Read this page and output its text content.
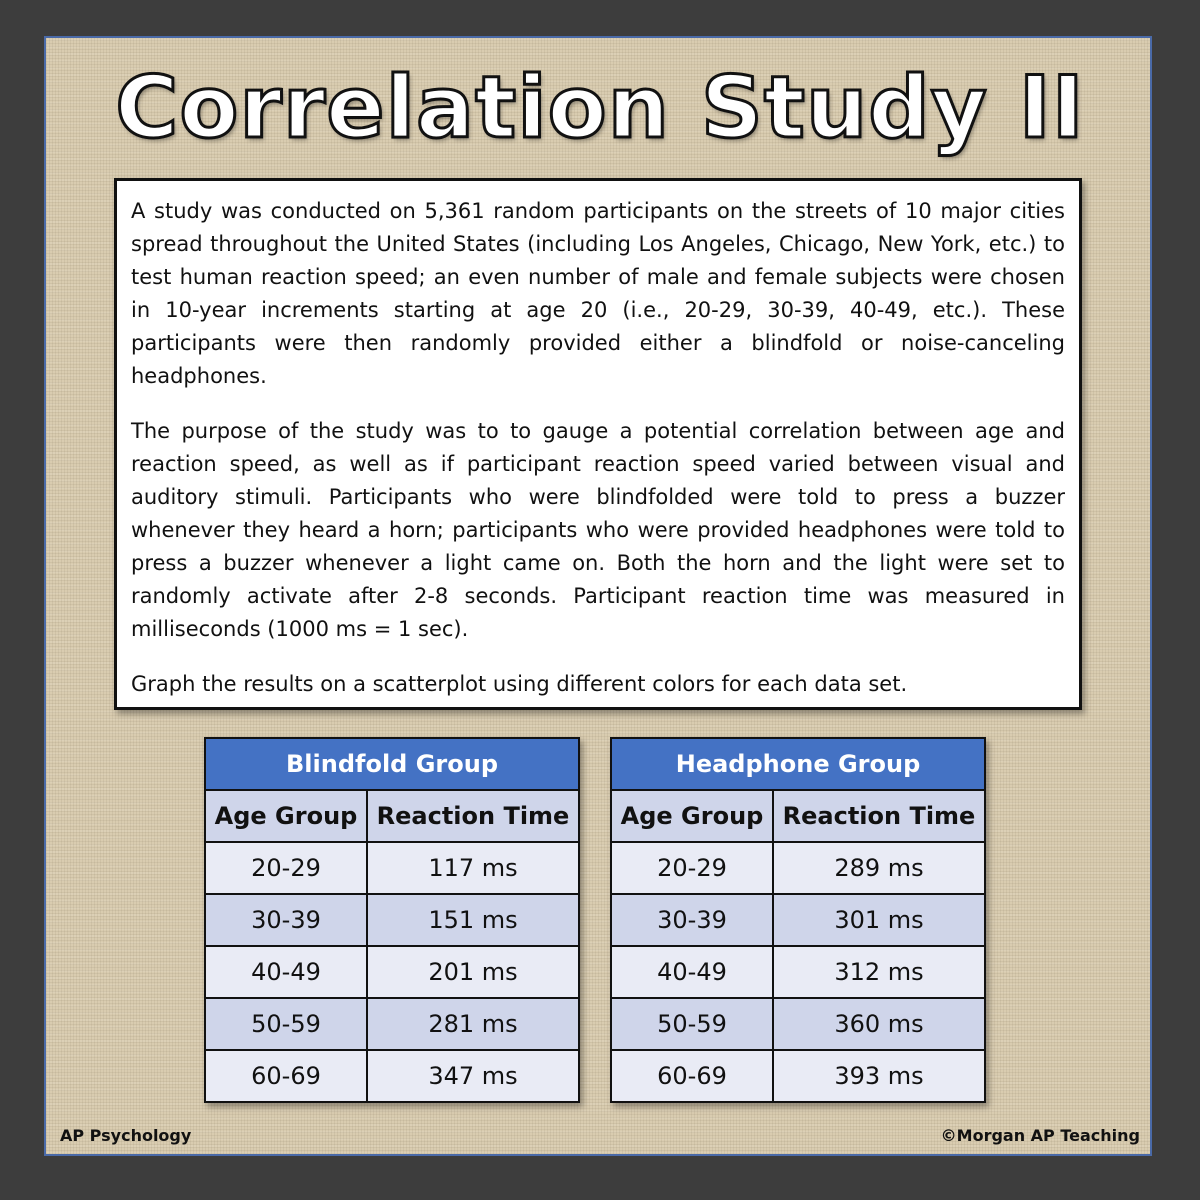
Correlation Study II

A study was conducted on 5,361 random participants on the streets of 10 major cities spread throughout the United States (including Los Angeles, Chicago, New York, etc.) to test human reaction speed; an even number of male and female subjects were chosen in 10-year increments starting at age 20 (i.e., 20-29, 30-39, 40-49, etc.). These participants were then randomly provided either a blindfold or noise-canceling headphones.

The purpose of the study was to to gauge a potential correlation between age and reaction speed, as well as if participant reaction speed varied between visual and auditory stimuli. Participants who were blindfolded were told to press a buzzer whenever they heard a horn; participants who were provided headphones were told to press a buzzer whenever a light came on. Both the horn and the light were set to randomly activate after 2-8 seconds. Participant reaction time was measured in milliseconds (1000 ms = 1 sec).

Graph the results on a scatterplot using different colors for each data set.

Blindfold Group	
Age Group	Reaction Time
20-29	117 ms
30-39	151 ms
40-49	201 ms
50-59	281 ms
60-69	347 ms
Headphone Group	
Age Group	Reaction Time
20-29	289 ms
30-39	301 ms
40-49	312 ms
50-59	360 ms
60-69	393 ms
AP Psychology	©Morgan AP Teaching
